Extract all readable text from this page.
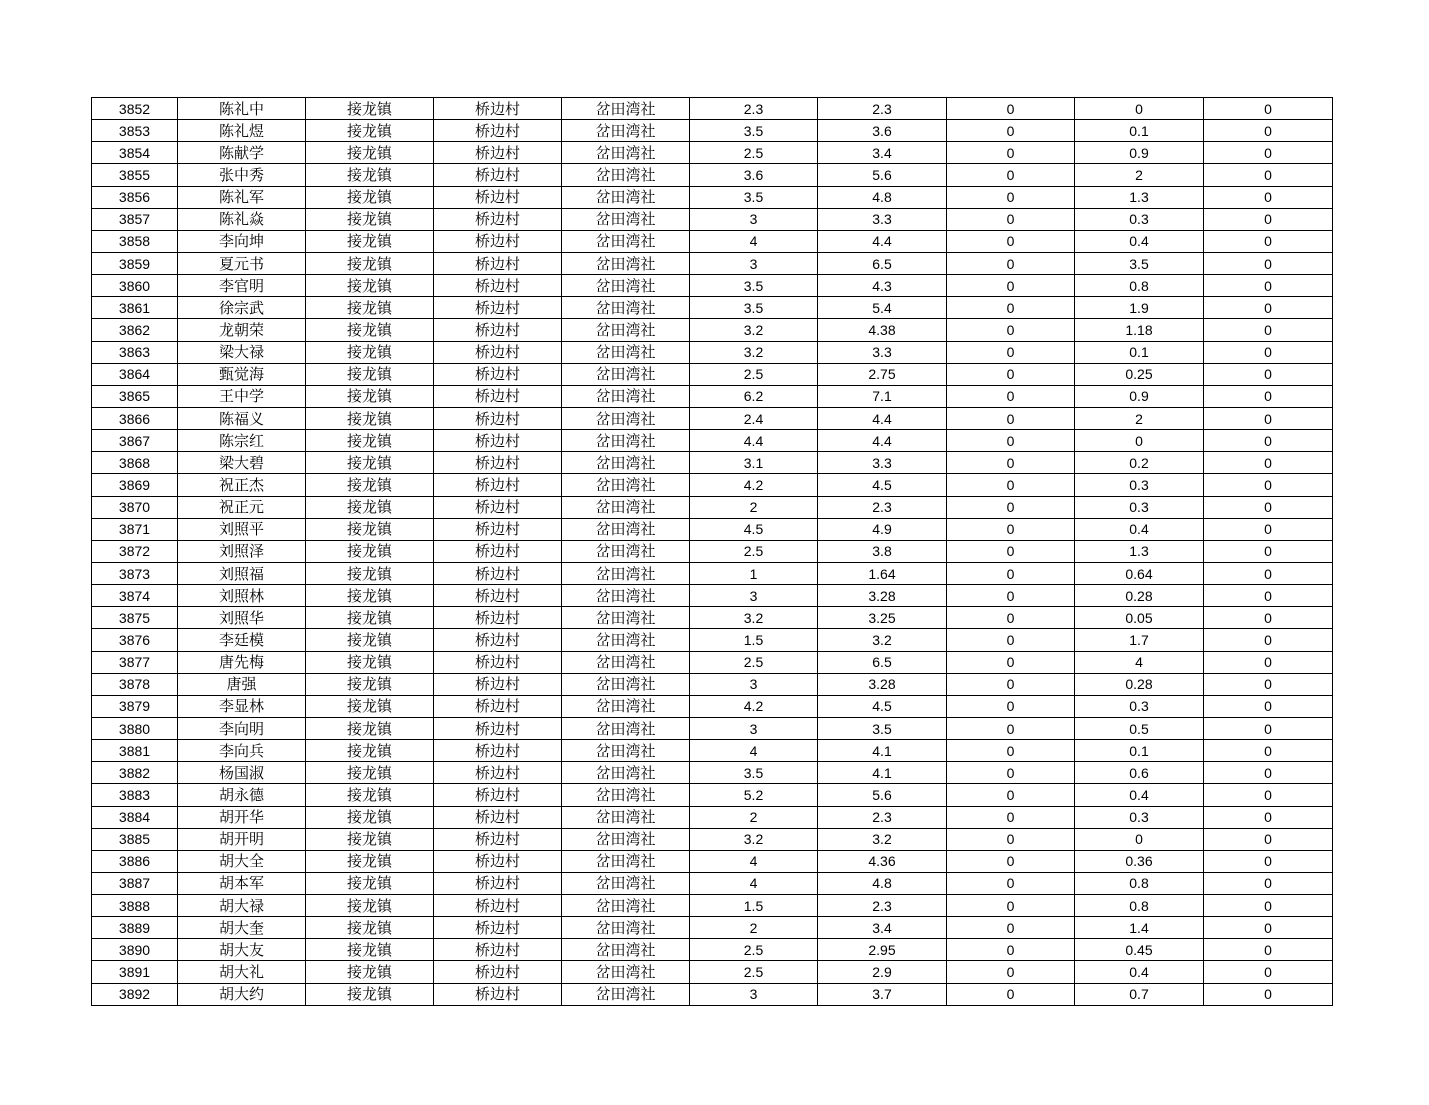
3852	陈礼中	接龙镇	桥边村	岔田湾社	2.3	2.3	0	0	0
3853	陈礼煜	接龙镇	桥边村	岔田湾社	3.5	3.6	0	0.1	0
3854	陈献学	接龙镇	桥边村	岔田湾社	2.5	3.4	0	0.9	0
3855	张中秀	接龙镇	桥边村	岔田湾社	3.6	5.6	0	2	0
3856	陈礼军	接龙镇	桥边村	岔田湾社	3.5	4.8	0	1.3	0
3857	陈礼焱	接龙镇	桥边村	岔田湾社	3	3.3	0	0.3	0
3858	李向坤	接龙镇	桥边村	岔田湾社	4	4.4	0	0.4	0
3859	夏元书	接龙镇	桥边村	岔田湾社	3	6.5	0	3.5	0
3860	李官明	接龙镇	桥边村	岔田湾社	3.5	4.3	0	0.8	0
3861	徐宗武	接龙镇	桥边村	岔田湾社	3.5	5.4	0	1.9	0
3862	龙朝荣	接龙镇	桥边村	岔田湾社	3.2	4.38	0	1.18	0
3863	梁大禄	接龙镇	桥边村	岔田湾社	3.2	3.3	0	0.1	0
3864	甄觉海	接龙镇	桥边村	岔田湾社	2.5	2.75	0	0.25	0
3865	王中学	接龙镇	桥边村	岔田湾社	6.2	7.1	0	0.9	0
3866	陈福义	接龙镇	桥边村	岔田湾社	2.4	4.4	0	2	0
3867	陈宗红	接龙镇	桥边村	岔田湾社	4.4	4.4	0	0	0
3868	梁大碧	接龙镇	桥边村	岔田湾社	3.1	3.3	0	0.2	0
3869	祝正杰	接龙镇	桥边村	岔田湾社	4.2	4.5	0	0.3	0
3870	祝正元	接龙镇	桥边村	岔田湾社	2	2.3	0	0.3	0
3871	刘照平	接龙镇	桥边村	岔田湾社	4.5	4.9	0	0.4	0
3872	刘照泽	接龙镇	桥边村	岔田湾社	2.5	3.8	0	1.3	0
3873	刘照福	接龙镇	桥边村	岔田湾社	1	1.64	0	0.64	0
3874	刘照林	接龙镇	桥边村	岔田湾社	3	3.28	0	0.28	0
3875	刘照华	接龙镇	桥边村	岔田湾社	3.2	3.25	0	0.05	0
3876	李廷模	接龙镇	桥边村	岔田湾社	1.5	3.2	0	1.7	0
3877	唐先梅	接龙镇	桥边村	岔田湾社	2.5	6.5	0	4	0
3878	唐强	接龙镇	桥边村	岔田湾社	3	3.28	0	0.28	0
3879	李显林	接龙镇	桥边村	岔田湾社	4.2	4.5	0	0.3	0
3880	李向明	接龙镇	桥边村	岔田湾社	3	3.5	0	0.5	0
3881	李向兵	接龙镇	桥边村	岔田湾社	4	4.1	0	0.1	0
3882	杨国淑	接龙镇	桥边村	岔田湾社	3.5	4.1	0	0.6	0
3883	胡永德	接龙镇	桥边村	岔田湾社	5.2	5.6	0	0.4	0
3884	胡开华	接龙镇	桥边村	岔田湾社	2	2.3	0	0.3	0
3885	胡开明	接龙镇	桥边村	岔田湾社	3.2	3.2	0	0	0
3886	胡大全	接龙镇	桥边村	岔田湾社	4	4.36	0	0.36	0
3887	胡本军	接龙镇	桥边村	岔田湾社	4	4.8	0	0.8	0
3888	胡大禄	接龙镇	桥边村	岔田湾社	1.5	2.3	0	0.8	0
3889	胡大奎	接龙镇	桥边村	岔田湾社	2	3.4	0	1.4	0
3890	胡大友	接龙镇	桥边村	岔田湾社	2.5	2.95	0	0.45	0
3891	胡大礼	接龙镇	桥边村	岔田湾社	2.5	2.9	0	0.4	0
3892	胡大约	接龙镇	桥边村	岔田湾社	3	3.7	0	0.7	0
